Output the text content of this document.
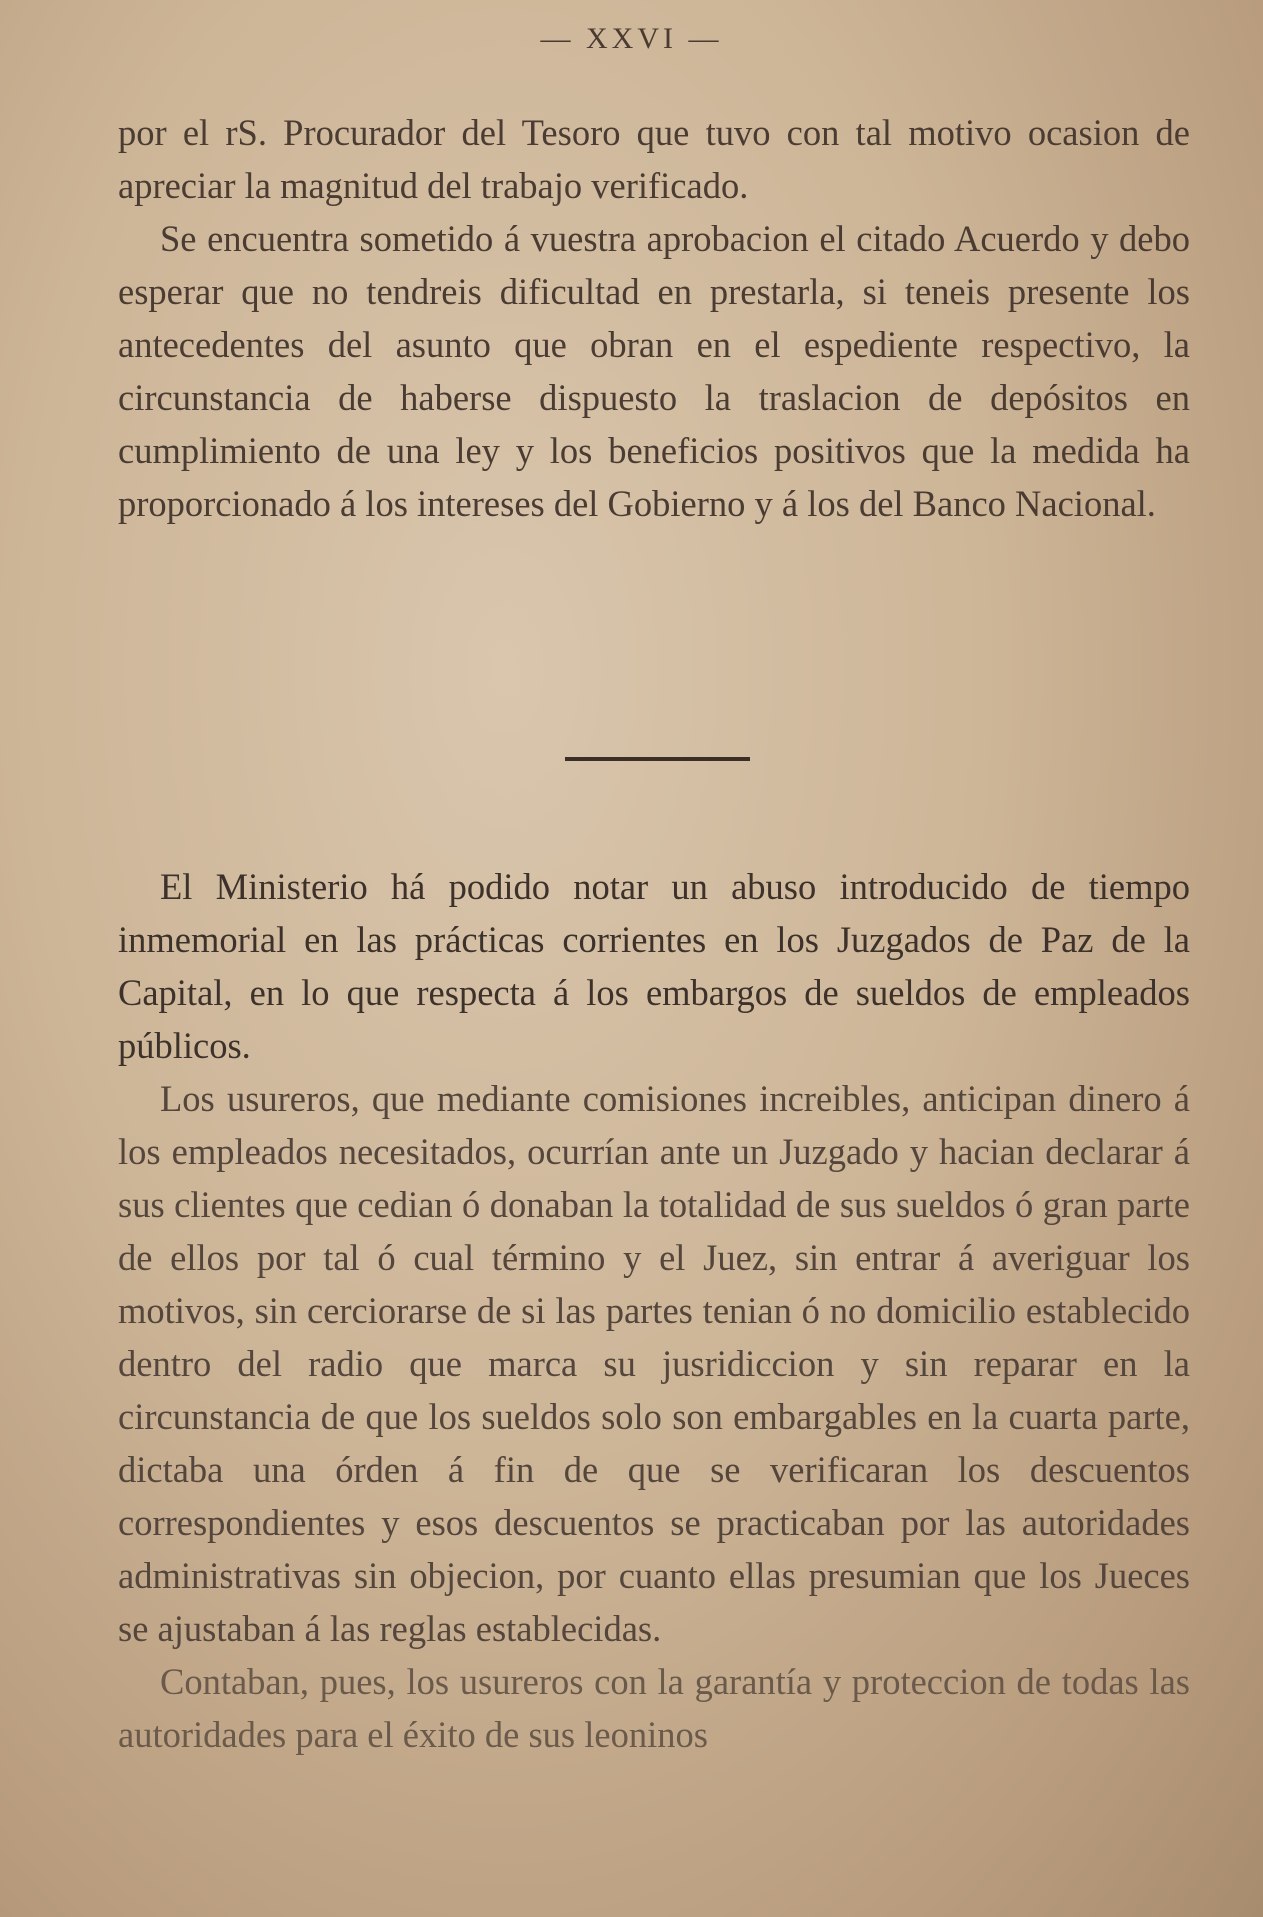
— XXVI —

por el rS. Procurador del Tesoro que tuvo con tal motivo ocasion de apreciar la magnitud del trabajo verificado.

Se encuentra sometido á vuestra aprobacion el citado Acuerdo y debo esperar que no tendreis dificultad en prestarla, si teneis presente los antecedentes del asunto que obran en el espediente respectivo, la circunstancia de haberse dispuesto la traslacion de depósitos en cumplimiento de una ley y los beneficios positivos que la medida ha proporcionado á los intereses del Gobierno y á los del Banco Nacional.

El Ministerio há podido notar un abuso introducido de tiempo inmemorial en las prácticas corrientes en los Juzgados de Paz de la Capital, en lo que respecta á los embargos de sueldos de empleados públicos.

Los usureros, que mediante comisiones increibles, anticipan dinero á los empleados necesitados, ocurrían ante un Juzgado y hacian declarar á sus clientes que cedian ó donaban la totalidad de sus sueldos ó gran parte de ellos por tal ó cual término y el Juez, sin entrar á averiguar los motivos, sin cerciorarse de si las partes tenian ó no domicilio establecido dentro del radio que marca su jusridiccion y sin reparar en la circunstancia de que los sueldos solo son embargables en la cuarta parte, dictaba una órden á fin de que se verificaran los descuentos correspondientes y esos descuentos se practicaban por las autoridades administrativas sin objecion, por cuanto ellas presumian que los Jueces se ajustaban á las reglas establecidas.

Contaban, pues, los usureros con la garantía y proteccion de todas las autoridades para el éxito de sus leoninos
